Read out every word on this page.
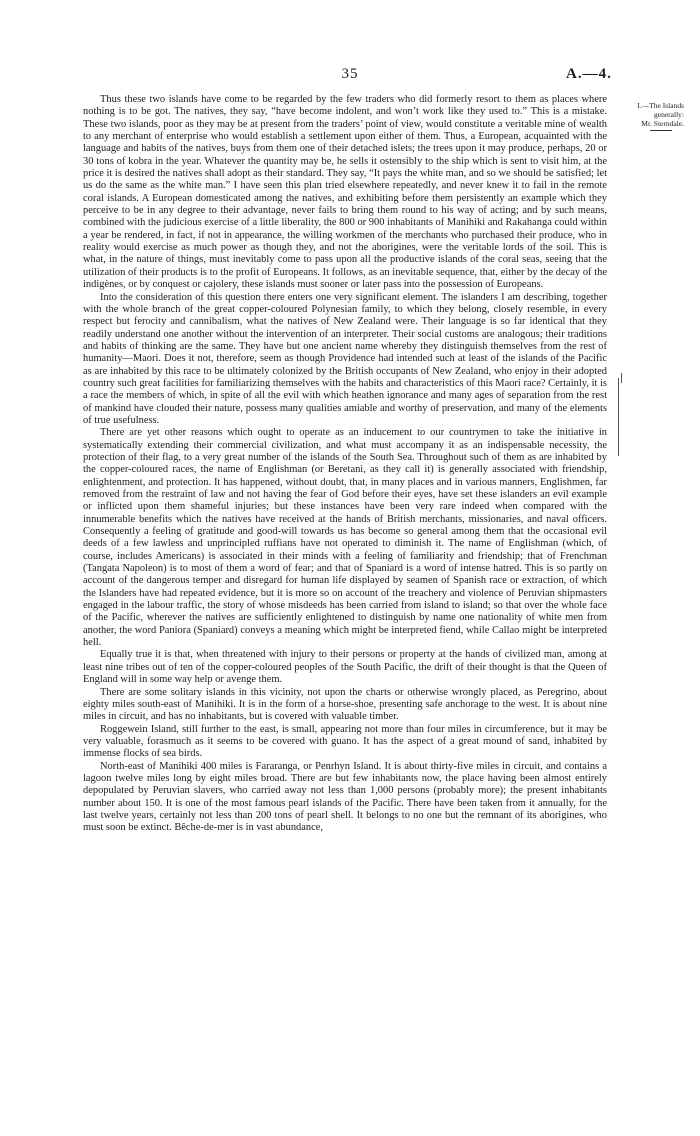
35	A.—4.
I.—The Islands
generally:
Mr. Sterndale.

Thus these two islands have come to be regarded by the few traders who did formerly resort to them as places where nothing is to be got. The natives, they say, “have become indolent, and won’t work like they used to.” This is a mistake. These two islands, poor as they may be at present from the traders’ point of view, would constitute a veritable mine of wealth to any merchant of enterprise who would establish a settlement upon either of them. Thus, a European, acquainted with the language and habits of the natives, buys from them one of their detached islets; the trees upon it may produce, perhaps, 20 or 30 tons of kobra in the year. Whatever the quantity may be, he sells it ostensibly to the ship which is sent to visit him, at the price it is desired the natives shall adopt as their standard. They say, “It pays the white man, and so we should be satisfied; let us do the same as the white man.” I have seen this plan tried elsewhere repeatedly, and never knew it to fail in the remote coral islands. A European domesticated among the natives, and exhibiting before them persistently an example which they perceive to be in any degree to their advantage, never fails to bring them round to his way of acting; and by such means, combined with the judicious exercise of a little liberality, the 800 or 900 inhabitants of Manihiki and Rakahanga could within a year be rendered, in fact, if not in appearance, the willing workmen of the merchants who purchased their produce, who in reality would exercise as much power as though they, and not the aborigines, were the veritable lords of the soil. This is what, in the nature of things, must inevitably come to pass upon all the productive islands of the coral seas, seeing that the utilization of their products is to the profit of Europeans. It follows, as an inevitable sequence, that, either by the decay of the indigènes, or by conquest or cajolery, these islands must sooner or later pass into the possession of Europeans.

Into the consideration of this question there enters one very significant element. The islanders I am describing, together with the whole branch of the great copper-coloured Polynesian family, to which they belong, closely resemble, in every respect but ferocity and cannibalism, what the natives of New Zealand were. Their language is so far identical that they readily understand one another without the intervention of an interpreter. Their social customs are analogous; their traditions and habits of thinking are the same. They have but one ancient name whereby they distinguish themselves from the rest of humanity—Maori. Does it not, therefore, seem as though Providence had intended such at least of the islands of the Pacific as are inhabited by this race to be ultimately colonized by the British occupants of New Zealand, who enjoy in their adopted country such great facilities for familiarizing themselves with the habits and characteristics of this Maori race? Certainly, it is a race the members of which, in spite of all the evil with which heathen ignorance and many ages of separation from the rest of mankind have clouded their nature, possess many qualities amiable and worthy of preservation, and many of the elements of true usefulness.

There are yet other reasons which ought to operate as an inducement to our countrymen to take the initiative in systematically extending their commercial civilization, and what must accompany it as an indispensable necessity, the protection of their flag, to a very great number of the islands of the South Sea. Throughout such of them as are inhabited by the copper-coloured races, the name of Englishman (or Beretani, as they call it) is generally associated with friendship, enlightenment, and protection. It has happened, without doubt, that, in many places and in various manners, Englishmen, far removed from the restraint of law and not having the fear of God before their eyes, have set these islanders an evil example or inflicted upon them shameful injuries; but these instances have been very rare indeed when compared with the innumerable benefits which the natives have received at the hands of British merchants, missionaries, and naval officers. Consequently a feeling of gratitude and good-will towards us has become so general among them that the occasional evil deeds of a few lawless and unprincipled ruffians have not operated to diminish it. The name of Englishman (which, of course, includes Americans) is associated in their minds with a feeling of familiarity and friendship; that of Frenchman (Tangata Napoleon) is to most of them a word of fear; and that of Spaniard is a word of intense hatred. This is so partly on account of the dangerous temper and disregard for human life displayed by seamen of Spanish race or extraction, of which the Islanders have had repeated evidence, but it is more so on account of the treachery and violence of Peruvian shipmasters engaged in the labour traffic, the story of whose misdeeds has been carried from island to island; so that over the whole face of the Pacific, wherever the natives are sufficiently enlightened to distinguish by name one nationality of white men from another, the word Paniora (Spaniard) conveys a meaning which might be interpreted fiend, while Callao might be interpreted hell.

Equally true it is that, when threatened with injury to their persons or property at the hands of civilized man, among at least nine tribes out of ten of the copper-coloured peoples of the South Pacific, the drift of their thought is that the Queen of England will in some way help or avenge them.

There are some solitary islands in this vicinity, not upon the charts or otherwise wrongly placed, as Peregrino, about eighty miles south-east of Manihiki. It is in the form of a horse-shoe, presenting safe anchorage to the west. It is about nine miles in circuit, and has no inhabitants, but is covered with valuable timber.

Roggewein Island, still further to the east, is small, appearing not more than four miles in circumference, but it may be very valuable, forasmuch as it seems to be covered with guano. It has the aspect of a great mound of sand, inhabited by immense flocks of sea birds.

North-east of Manihiki 400 miles is Fararanga, or Penrhyn Island. It is about thirty-five miles in circuit, and contains a lagoon twelve miles long by eight miles broad. There are but few inhabitants now, the place having been almost entirely depopulated by Peruvian slavers, who carried away not less than 1,000 persons (probably more); the present inhabitants number about 150. It is one of the most famous pearl islands of the Pacific. There have been taken from it annually, for the last twelve years, certainly not less than 200 tons of pearl shell. It belongs to no one but the remnant of its aborigines, who must soon be extinct. Bêche-de-mer is in vast abundance,
